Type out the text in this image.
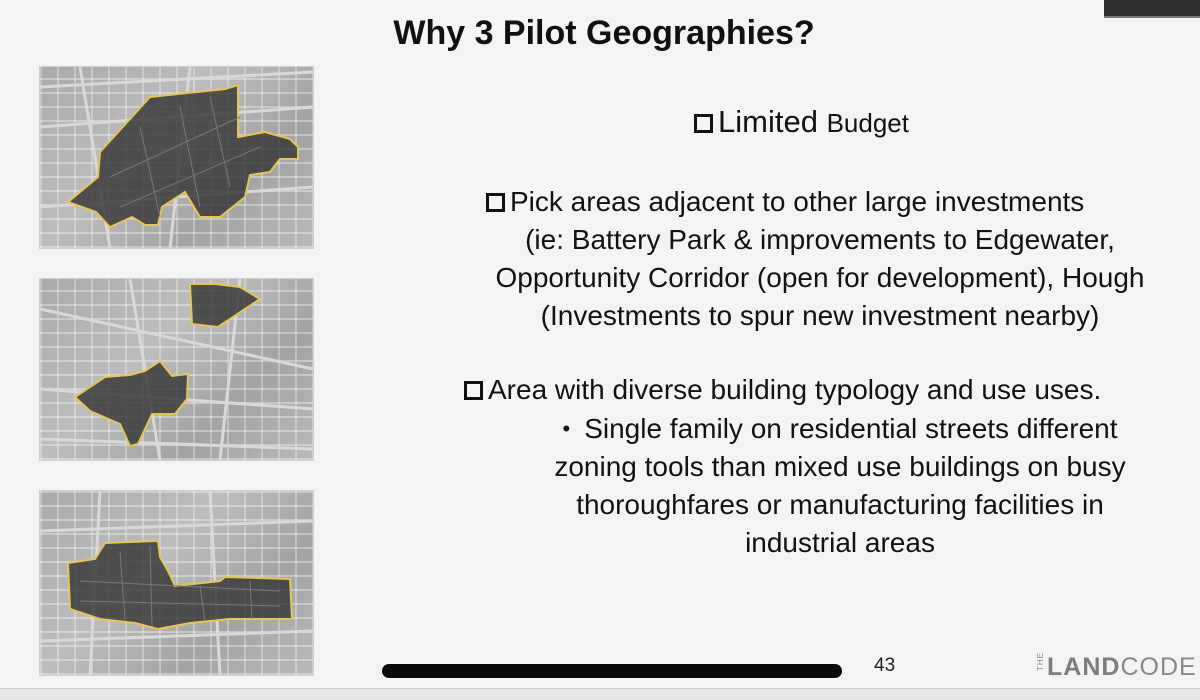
Why 3 Pilot Geographies?
Limited Budget
Pick areas adjacent to other large investments
(ie: Battery Park & improvements to Edgewater,
Opportunity Corridor (open for development), Hough
(Investments to spur new investment nearby)
Area with diverse building typology and use uses.
• Single family on residential streets different
zoning tools than mixed use buildings on busy
thoroughfares or manufacturing facilities in
industrial areas
43	THELANDCODE
